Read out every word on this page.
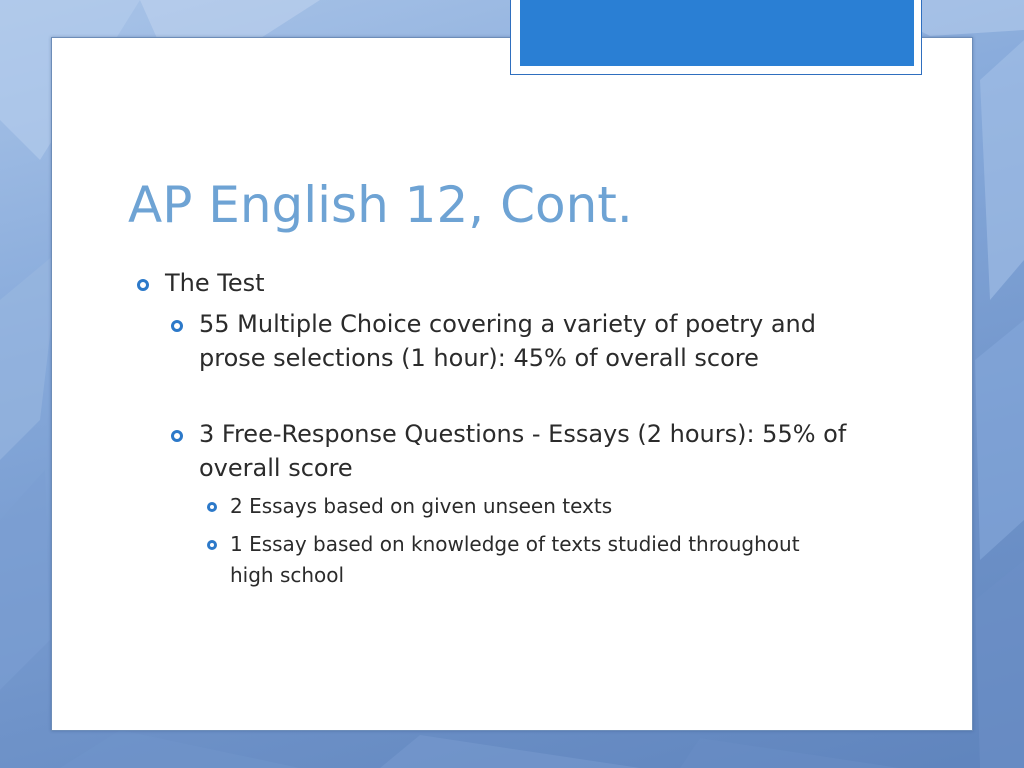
AP English 12, Cont.

The Test

55 Multiple Choice covering a variety of poetry and prose selections (1 hour): 45% of overall score

3 Free-Response Questions - Essays (2 hours): 55% of overall score

2 Essays based on given unseen texts

1 Essay based on knowledge of texts studied throughout high school
